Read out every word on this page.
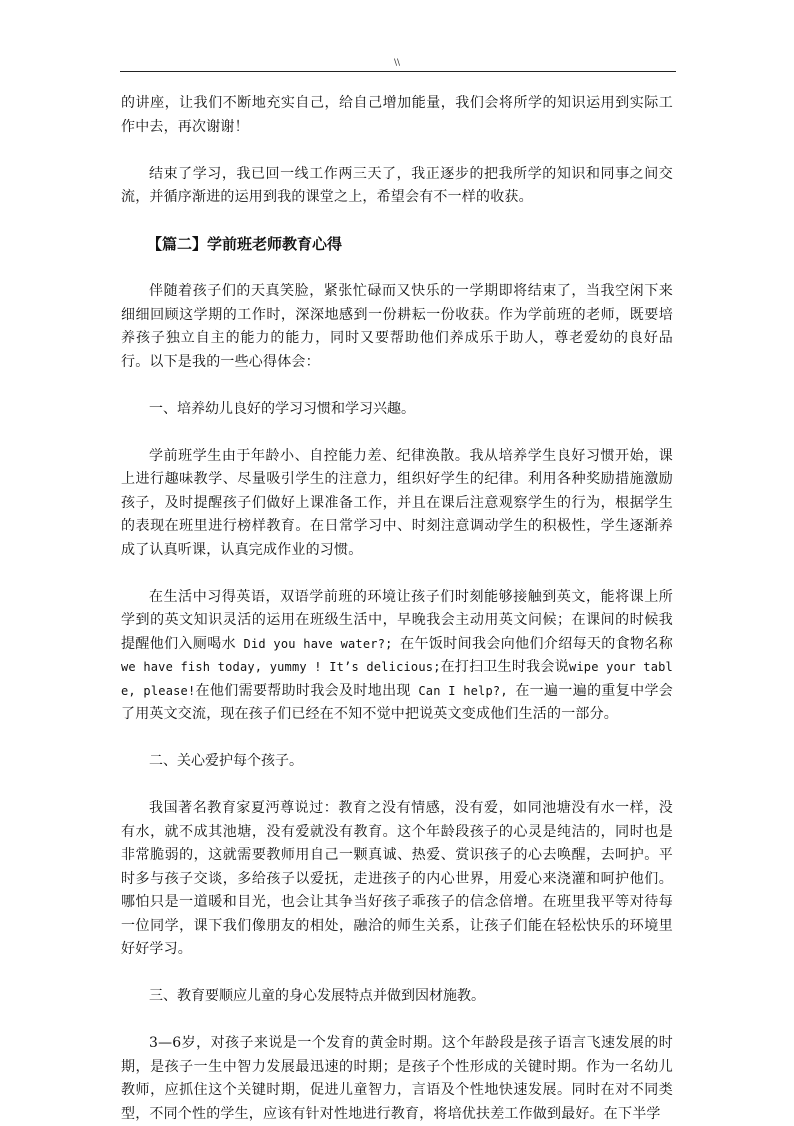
\\

的讲座，让我们不断地充实自己，给自己增加能量，我们会将所学的知识运用到实际工作中去，再次谢谢！

结束了学习，我已回一线工作两三天了，我正逐步的把我所学的知识和同事之间交流，并循序渐进的运用到我的课堂之上，希望会有不一样的收获。

【篇二】学前班老师教育心得

伴随着孩子们的天真笑脸，紧张忙碌而又快乐的一学期即将结束了，当我空闲下来细细回顾这学期的工作时，深深地感到一份耕耘一份收获。作为学前班的老师，既要培养孩子独立自主的能力的能力，同时又要帮助他们养成乐于助人，尊老爱幼的良好品行。以下是我的一些心得体会：

一、培养幼儿良好的学习习惯和学习兴趣。

学前班学生由于年龄小、自控能力差、纪律涣散。我从培养学生良好习惯开始，课上进行趣味教学、尽量吸引学生的注意力，组织好学生的纪律。利用各种奖励措施激励孩子，及时提醒孩子们做好上课准备工作，并且在课后注意观察学生的行为，根据学生的表现在班里进行榜样教育。在日常学习中、时刻注意调动学生的积极性，学生逐渐养成了认真听课，认真完成作业的习惯。

在生活中习得英语，双语学前班的环境让孩子们时刻能够接触到英文，能将课上所学到的英文知识灵活的运用在班级生活中，早晚我会主动用英文问候；在课间的时候我提醒他们入厕喝水 Did you have water?; 在午饭时间我会向他们介绍每天的食物名称we have fish today, yummy ! It’s delicious;在打扫卫生时我会说wipe your table, please!在他们需要帮助时我会及时地出现 Can I help?, 在一遍一遍的重复中学会了用英文交流，现在孩子们已经在不知不觉中把说英文变成他们生活的一部分。

二、关心爱护每个孩子。

我国著名教育家夏沔尊说过：教育之没有情感，没有爱，如同池塘没有水一样，没有水，就不成其池塘，没有爱就没有教育。这个年龄段孩子的心灵是纯洁的，同时也是非常脆弱的，这就需要教师用自己一颗真诚、热爱、赏识孩子的心去唤醒，去呵护。平时多与孩子交谈，多给孩子以爱抚，走进孩子的内心世界，用爱心来浇灌和呵护他们。哪怕只是一道暖和目光，也会让其争当好孩子乖孩子的信念倍增。在班里我平等对待每一位同学，课下我们像朋友的相处，融洽的师生关系，让孩子们能在轻松快乐的环境里好好学习。

三、教育要顺应儿童的身心发展特点并做到因材施教。

3—6岁，对孩子来说是一个发育的黄金时期。这个年龄段是孩子语言飞速发展的时期，是孩子一生中智力发展最迅速的时期；是孩子个性形成的关键时期。作为一名幼儿教师，应抓住这个关键时期，促进儿童智力，言语及个性地快速发展。同时在对不同类型，不同个性的学生，应该有针对性地进行教育，将培优扶差工作做到最好。在下半学
